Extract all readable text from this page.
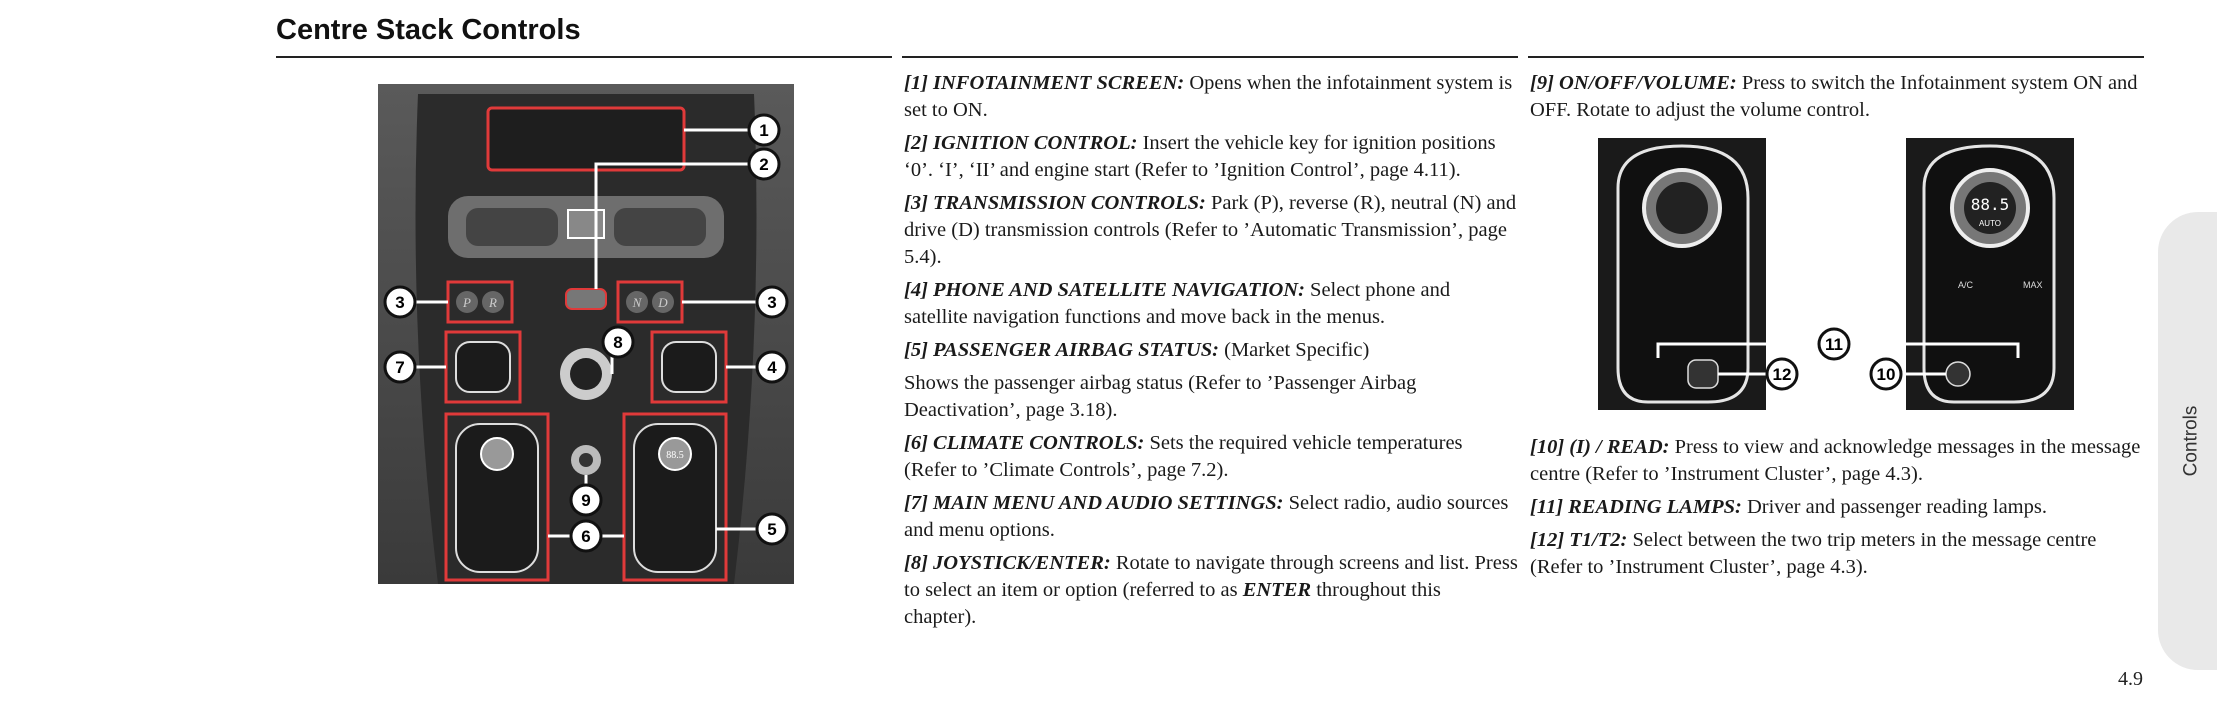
Centre Stack Controls
P R	N D
88.5
1
2
3	3
4
5
6
7
8
9

[1] INFOTAINMENT SCREEN: Opens when the infotainment system is set to ON.

[2] IGNITION CONTROL: Insert the vehicle key for ignition positions ‘0’. ‘I’, ‘II’ and engine start (Refer to ’Ignition Control’, page 4.11).

[3] TRANSMISSION CONTROLS: Park (P), reverse (R), neutral (N) and drive (D) transmission controls (Refer to ’Automatic Transmission’, page 5.4).

[4] PHONE AND SATELLITE NAVIGATION: Select phone and satellite navigation functions and move back in the menus.

[5] PASSENGER AIRBAG STATUS: (Market Specific)

Shows the passenger airbag status (Refer to ’Passenger Airbag Deactivation’, page 3.18).

[6] CLIMATE CONTROLS: Sets the required vehicle temperatures (Refer to ’Climate Controls’, page 7.2).

[7] MAIN MENU AND AUDIO SETTINGS: Select radio, audio sources and menu options.

[8] JOYSTICK/ENTER: Rotate to navigate through screens and list. Press to select an item or option (referred to as ENTER throughout this chapter).

[9] ON/OFF/VOLUME: Press to switch the Infotainment system ON and OFF. Rotate to adjust the volume control.

88.5
AUTO
A/C	MAX
11
12	10

[10] (I) / READ: Press to view and acknowledge messages in the message centre (Refer to ’Instrument Cluster’, page 4.3).

[11] READING LAMPS: Driver and passenger reading lamps.

[12] T1/T2: Select between the two trip meters in the message centre (Refer to ’Instrument Cluster’, page 4.3).

Controls
4.9
